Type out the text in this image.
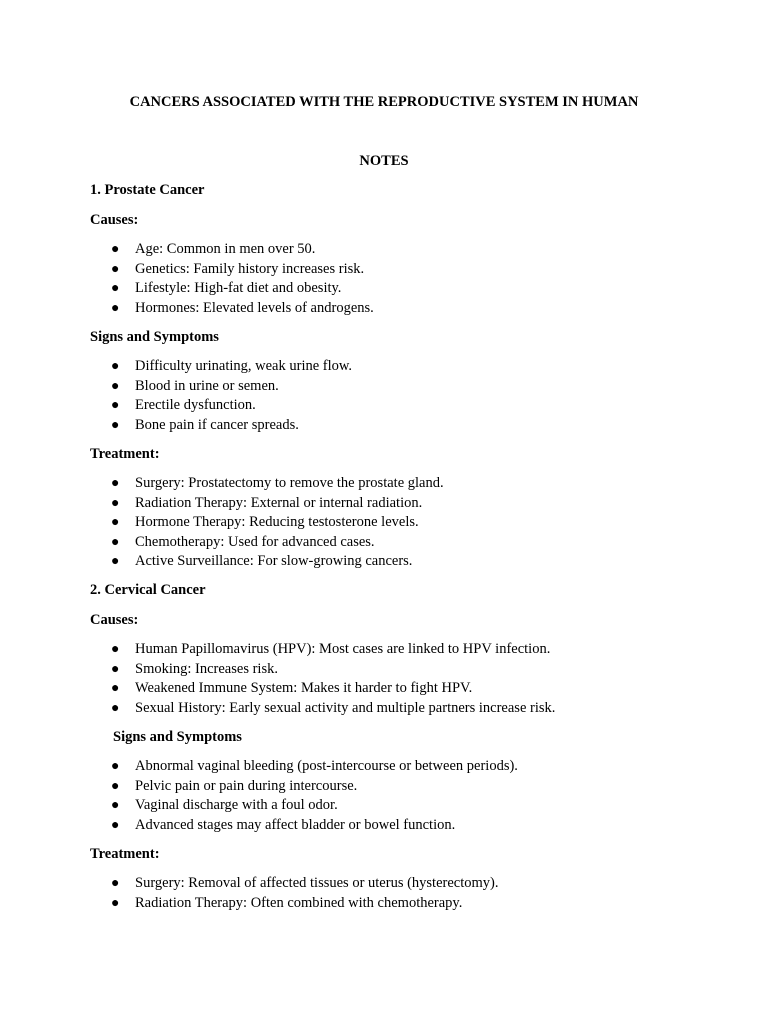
CANCERS ASSOCIATED WITH THE REPRODUCTIVE SYSTEM IN HUMAN
NOTES
1. Prostate Cancer
Causes:
● Age: Common in men over 50.
● Genetics: Family history increases risk.
● Lifestyle: High-fat diet and obesity.
● Hormones: Elevated levels of androgens.
Signs and Symptoms
● Difficulty urinating, weak urine flow.
● Blood in urine or semen.
● Erectile dysfunction.
● Bone pain if cancer spreads.
Treatment:
● Surgery: Prostatectomy to remove the prostate gland.
● Radiation Therapy: External or internal radiation.
● Hormone Therapy: Reducing testosterone levels.
● Chemotherapy: Used for advanced cases.
● Active Surveillance: For slow-growing cancers.
2. Cervical Cancer
Causes:
● Human Papillomavirus (HPV): Most cases are linked to HPV infection.
● Smoking: Increases risk.
● Weakened Immune System: Makes it harder to fight HPV.
● Sexual History: Early sexual activity and multiple partners increase risk.
Signs and Symptoms
● Abnormal vaginal bleeding (post-intercourse or between periods).
● Pelvic pain or pain during intercourse.
● Vaginal discharge with a foul odor.
● Advanced stages may affect bladder or bowel function.
Treatment:
● Surgery: Removal of affected tissues or uterus (hysterectomy).
● Radiation Therapy: Often combined with chemotherapy.
